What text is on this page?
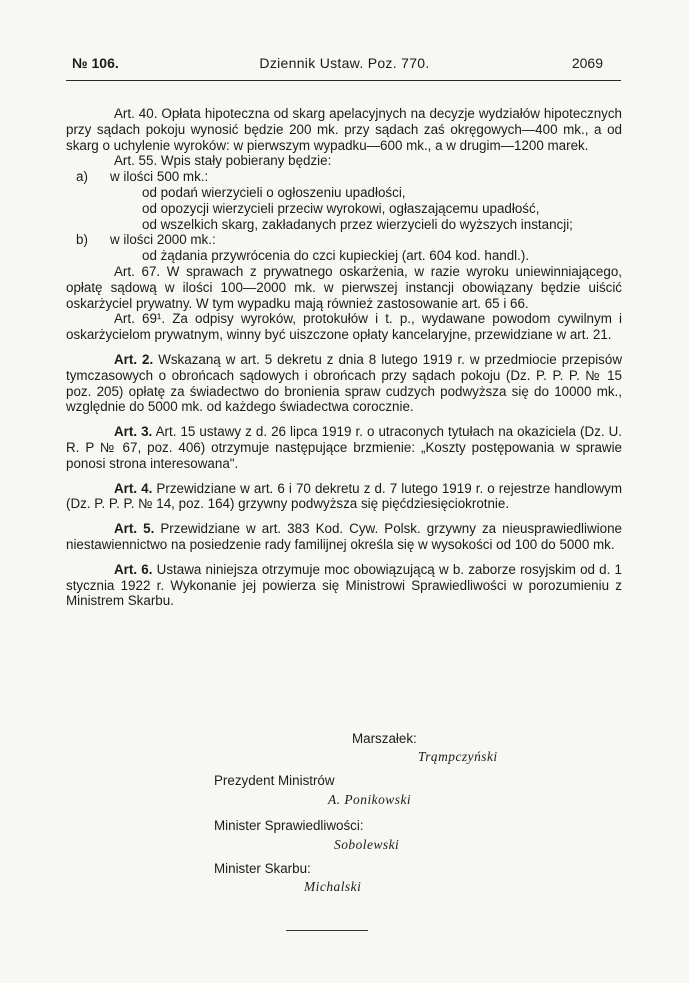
№ 106.	Dziennik Ustaw. Poz. 770.	2069

Art. 40. Opłata hipoteczna od skarg apelacyjnych na decyzje wydziałów hipotecznych przy sądach pokoju wynosić będzie 200 mk. przy sądach zaś okręgowych—400 mk., a od skarg o uchylenie wyroków: w pierwszym wypadku—600 mk., a w drugim—1200 marek.

Art. 55. Wpis stały pobierany będzie:

a)	w ilości 500 mk.:

od podań wierzycieli o ogłoszeniu upadłości,

od opozycji wierzycieli przeciw wyrokowi, ogłaszającemu upadłość,

od wszelkich skarg, zakładanych przez wierzycieli do wyższych instancji;

b)	w ilości 2000 mk.:

od żądania przywrócenia do czci kupieckiej (art. 604 kod. handl.).

Art. 67. W sprawach z prywatnego oskarżenia, w razie wyroku uniewinniającego, opłatę sądową w ilości 100—2000 mk. w pierwszej instancji obowiązany będzie uiścić oskarżyciel prywatny. W tym wypadku mają również zastosowanie art. 65 i 66.

Art. 69¹. Za odpisy wyroków, protokułów i t. p., wydawane powodom cywilnym i oskarżycielom prywatnym, winny być uiszczone opłaty kancelaryjne, przewidziane w art. 21.

Art. 2. Wskazaną w art. 5 dekretu z dnia 8 lutego 1919 r. w przedmiocie przepisów tymczasowych o obrońcach sądowych i obrońcach przy sądach pokoju (Dz. P. P. P. № 15 poz. 205) opłatę za świadectwo do bronienia spraw cudzych podwyższa się do 10000 mk., względnie do 5000 mk. od każdego świadectwa corocznie.

Art. 3. Art. 15 ustawy z d. 26 lipca 1919 r. o utraconych tytułach na okaziciela (Dz. U. R. P № 67, poz. 406) otrzymuje następujące brzmienie: „Koszty postępowania w sprawie ponosi strona interesowana".

Art. 4. Przewidziane w art. 6 i 70 dekretu z d. 7 lutego 1919 r. o rejestrze handlowym (Dz. P. P. P. № 14, poz. 164) grzywny podwyższa się pięćdziesięciokrotnie.

Art. 5. Przewidziane w art. 383 Kod. Cyw. Polsk. grzywny za nieusprawiedliwione niestawiennictwo na posiedzenie rady familijnej określa się w wysokości od 100 do 5000 mk.

Art. 6. Ustawa niniejsza otrzymuje moc obowiązującą w b. zaborze rosyjskim od d. 1 stycznia 1922 r. Wykonanie jej powierza się Ministrowi Sprawiedliwości w porozumieniu z Ministrem Skarbu.

Marszałek:
Trąmpczyński
Prezydent Ministrów
A. Ponikowski
Minister Sprawiedliwości:
Sobolewski
Minister Skarbu:
Michalski
